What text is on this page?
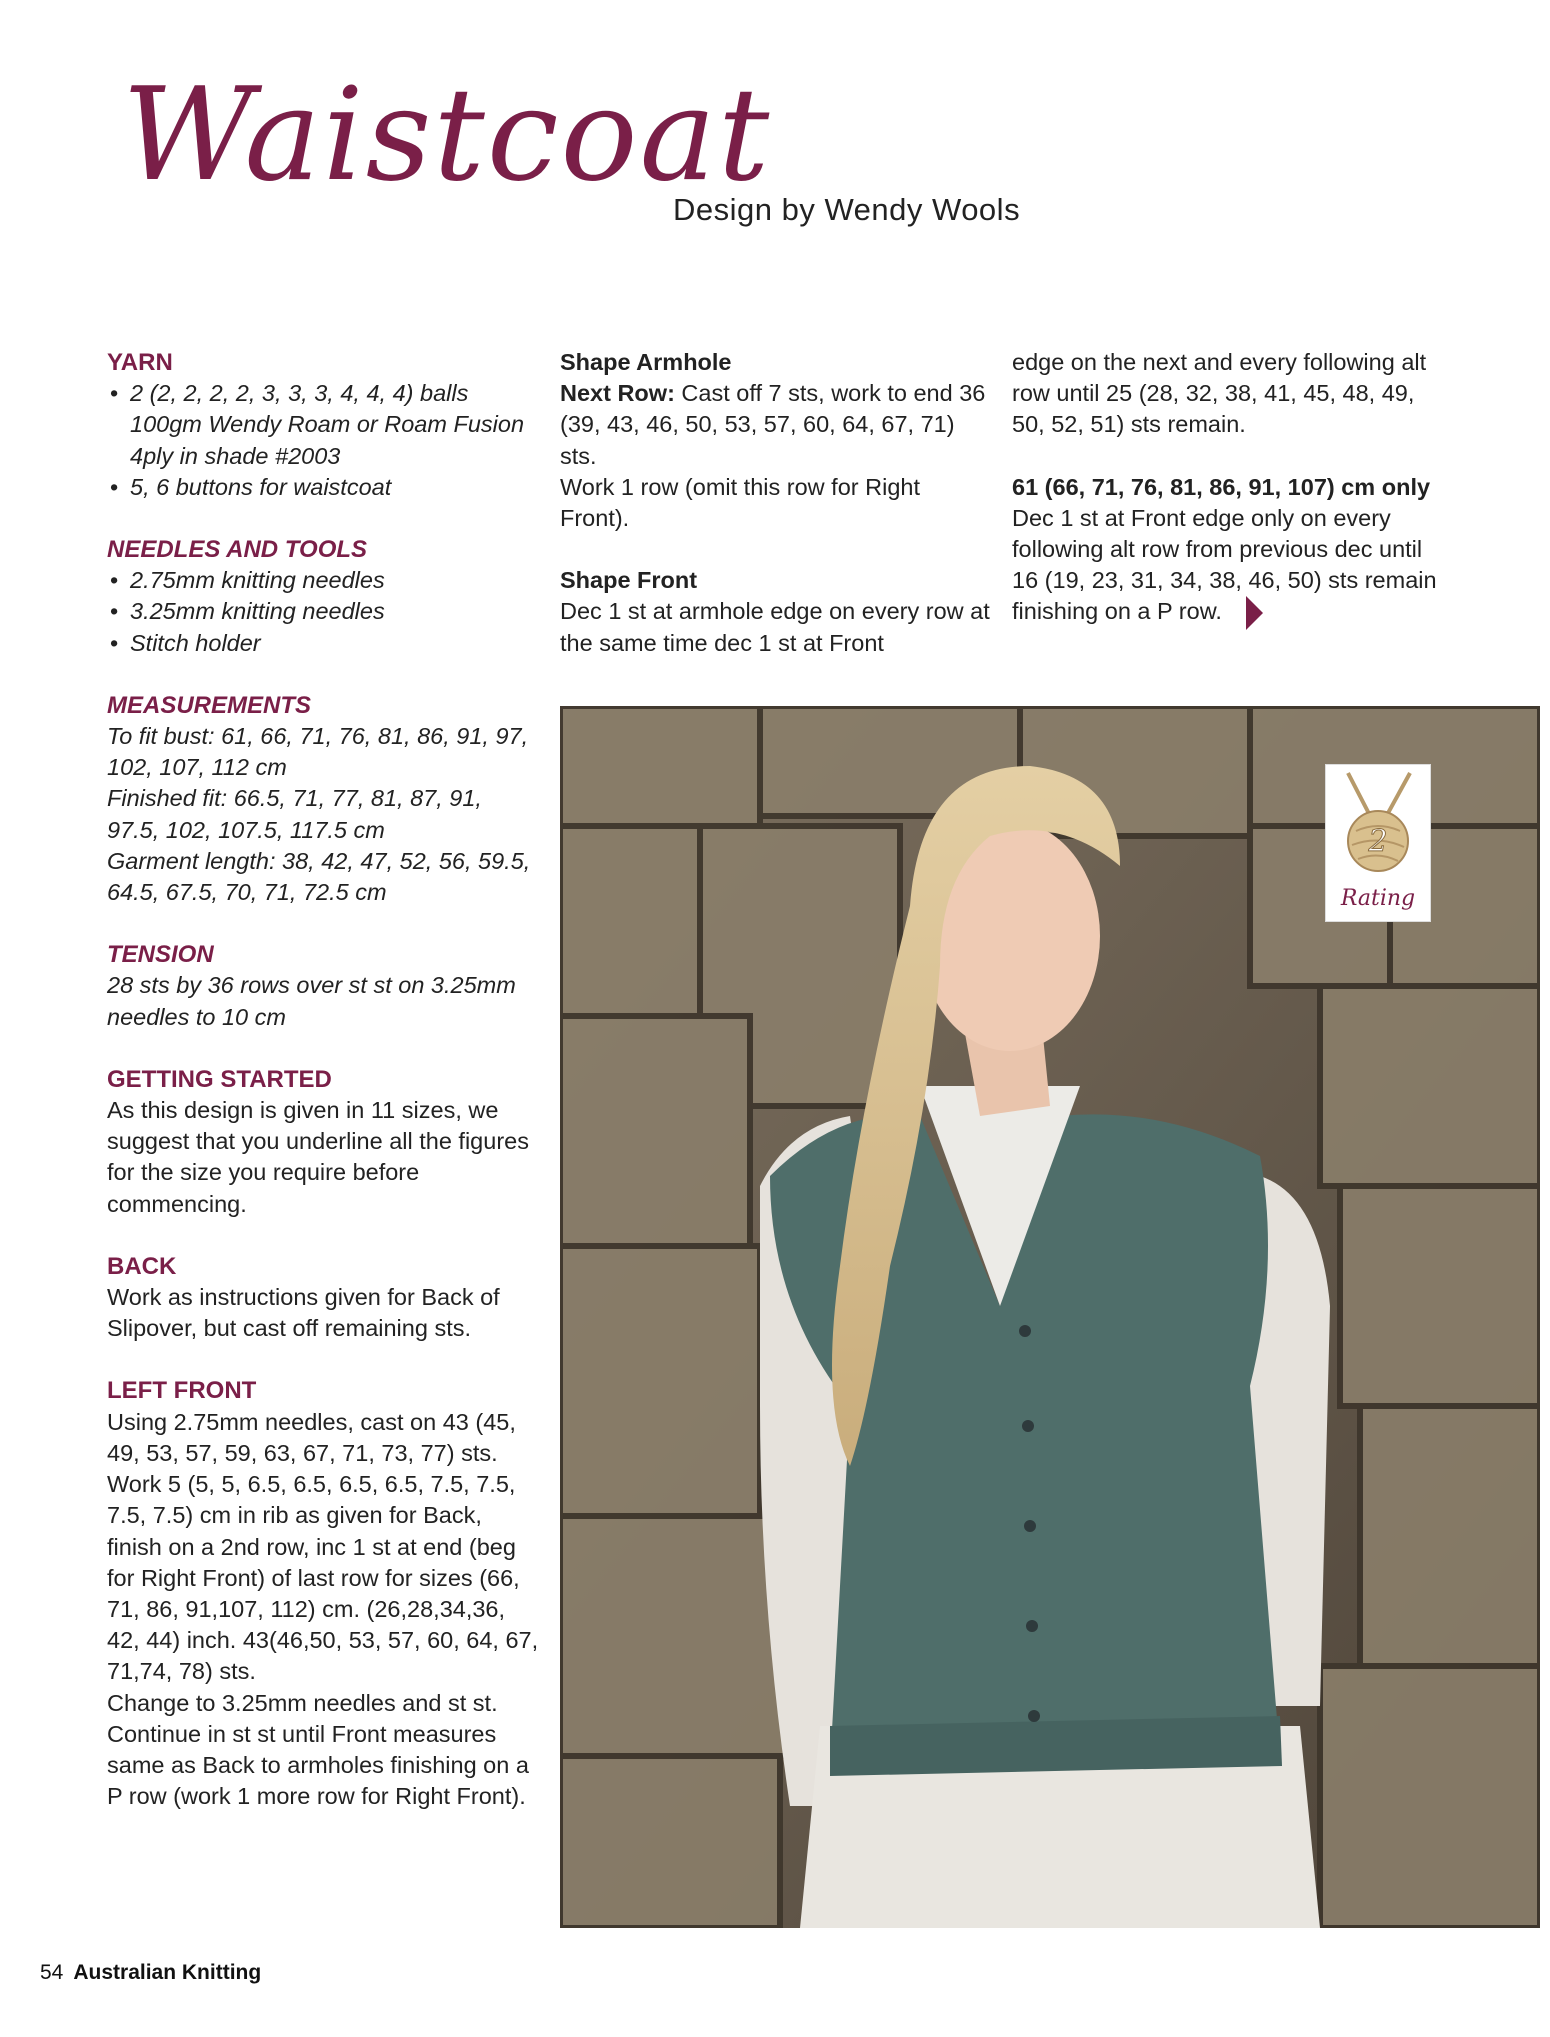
Waistcoat
Design by Wendy Wools
YARN
• 2 (2, 2, 2, 2, 3, 3, 3, 4, 4, 4) balls 100gm Wendy Roam or Roam Fusion 4ply in shade #2003
• 5, 6 buttons for waistcoat
NEEDLES AND TOOLS
• 2.75mm knitting needles
• 3.25mm knitting needles
• Stitch holder
MEASUREMENTS

To fit bust: 61, 66, 71, 76, 81, 86, 91, 97, 102, 107, 112 cm

Finished fit: 66.5, 71, 77, 81, 87, 91, 97.5, 102, 107.5, 117.5 cm

Garment length: 38, 42, 47, 52, 56, 59.5, 64.5, 67.5, 70, 71, 72.5 cm

TENSION

28 sts by 36 rows over st st on 3.25mm needles to 10 cm

GETTING STARTED

As this design is given in 11 sizes, we suggest that you underline all the figures for the size you require before commencing.

BACK

Work as instructions given for Back of Slipover, but cast off remaining sts.

LEFT FRONT

Using 2.75mm needles, cast on 43 (45, 49, 53, 57, 59, 63, 67, 71, 73, 77) sts.

Work 5 (5, 5, 6.5, 6.5, 6.5, 6.5, 7.5, 7.5, 7.5, 7.5) cm in rib as given for Back, finish on a 2nd row, inc 1 st at end (beg for Right Front) of last row for sizes (66, 71, 86, 91,107, 112) cm. (26,28,34,36, 42, 44) inch. 43(46,50, 53, 57, 60, 64, 67, 71,74, 78) sts.

Change to 3.25mm needles and st st. Continue in st st until Front measures same as Back to armholes finishing on a P row (work 1 more row for Right Front).

Shape Armhole

Next Row: Cast off 7 sts, work to end 36 (39, 43, 46, 50, 53, 57, 60, 64, 67, 71) sts.

Work 1 row (omit this row for Right Front).

Shape Front

Dec 1 st at armhole edge on every row at the same time dec 1 st at Front

edge on the next and every following alt row until 25 (28, 32, 38, 41, 45, 48, 49, 50, 52, 51) sts remain.

61 (66, 71, 76, 81, 86, 91, 107) cm only

Dec 1 st at Front edge only on every following alt row from previous dec until 16 (19, 23, 31, 34, 38, 46, 50) sts remain finishing on a P row.

2
Rating
54 Australian Knitting
